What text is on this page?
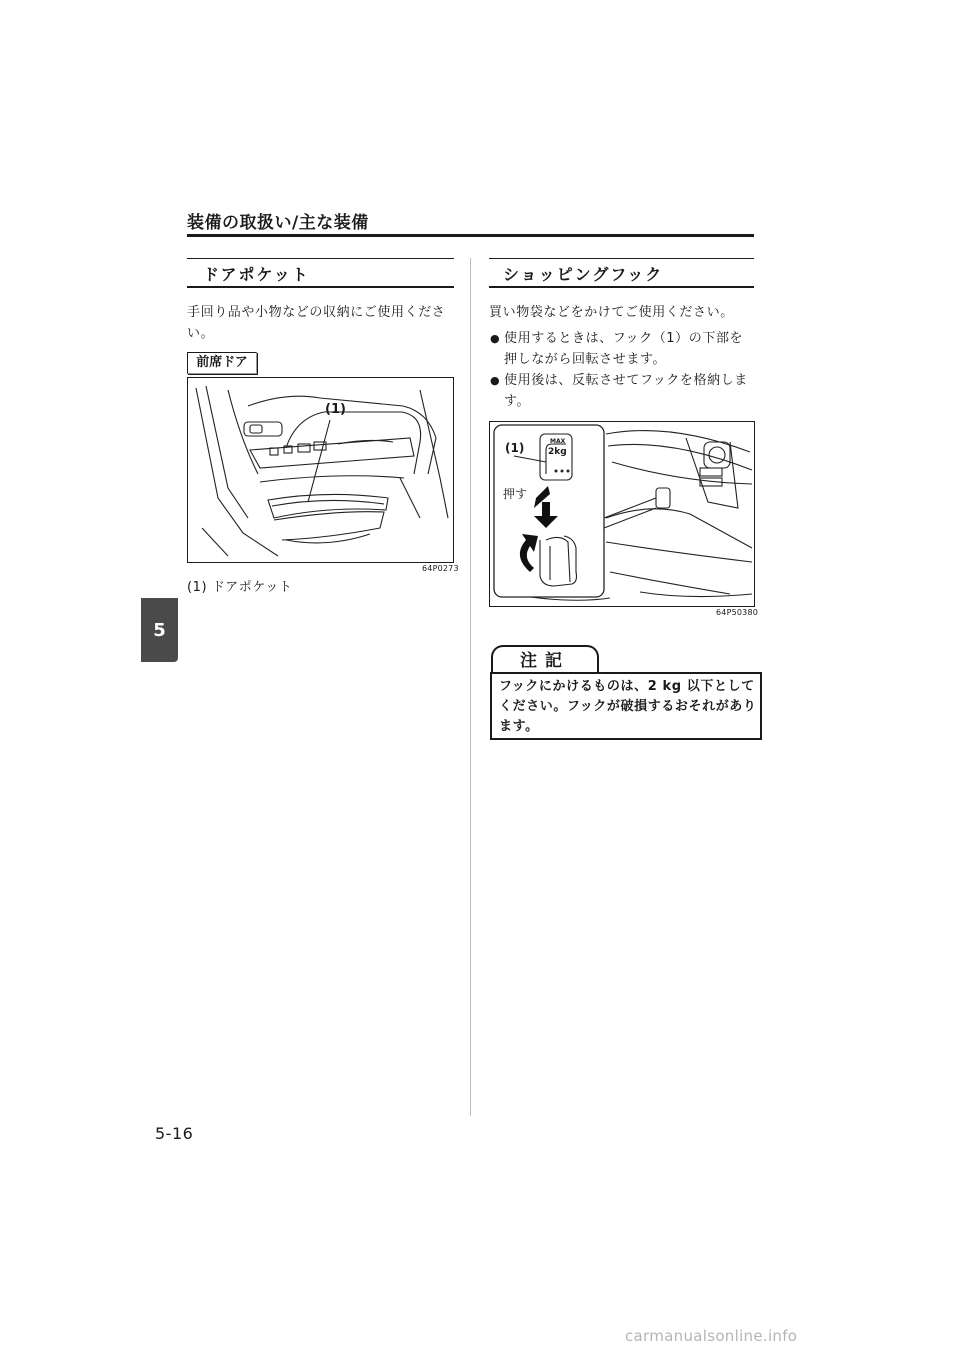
装備の取扱い/主な装備
5
ドアポケット
手回り品や小物などの収納にご使用ください。
前席ドア
(1)
64P0273
(1) ドアポケット
ショッピングフック
買い物袋などをかけてご使用ください。
● 使用するときは、フック（1）の下部を押しながら回転させます。
● 使用後は、反転させてフックを格納します。
(1)
押す
MAX
2kg
64P50380
注記
フックにかけるものは、2 kg 以下としてください。フックが破損するおそれがあります。
5-16
carmanualsonline.info
